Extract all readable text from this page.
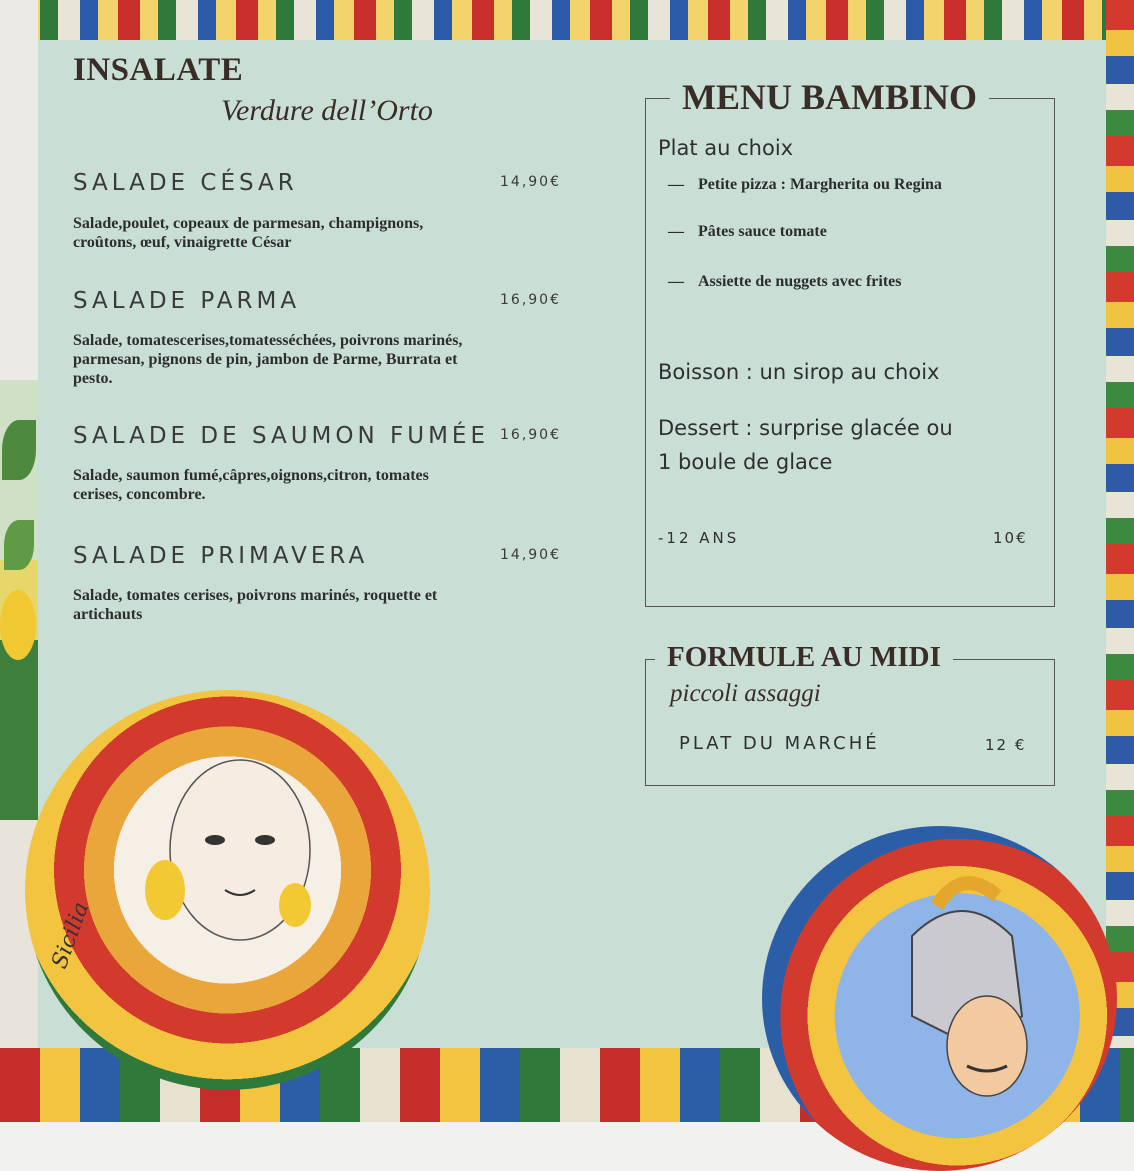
INSALATE
Verdure dell’Orto
SALADE CÉSAR	14,90€
Salade,poulet, copeaux de parmesan, champignons, croûtons, œuf, vinaigrette César
SALADE PARMA	16,90€
Salade, tomatescerises,tomatesséchées, poivrons marinés, parmesan, pignons de pin, jambon de Parme, Burrata et pesto.
SALADE DE SAUMON FUMÉE 16,90€
Salade, saumon fumé,câpres,oignons,citron, tomates cerises, concombre.
SALADE PRIMAVERA	14,90€
Salade, tomates cerises, poivrons marinés, roquette et artichauts
MENU BAMBINO
Plat au choix
— Petite pizza : Margherita ou Regina
— Pâtes sauce tomate
— Assiette de nuggets avec frites
Boisson : un sirop au choix
Dessert : surprise glacée ou
1 boule de glace
-12 ANS	10€
FORMULE AU MIDI
piccoli assaggi
PLAT DU MARCHÉ	12 €
Sicilia
